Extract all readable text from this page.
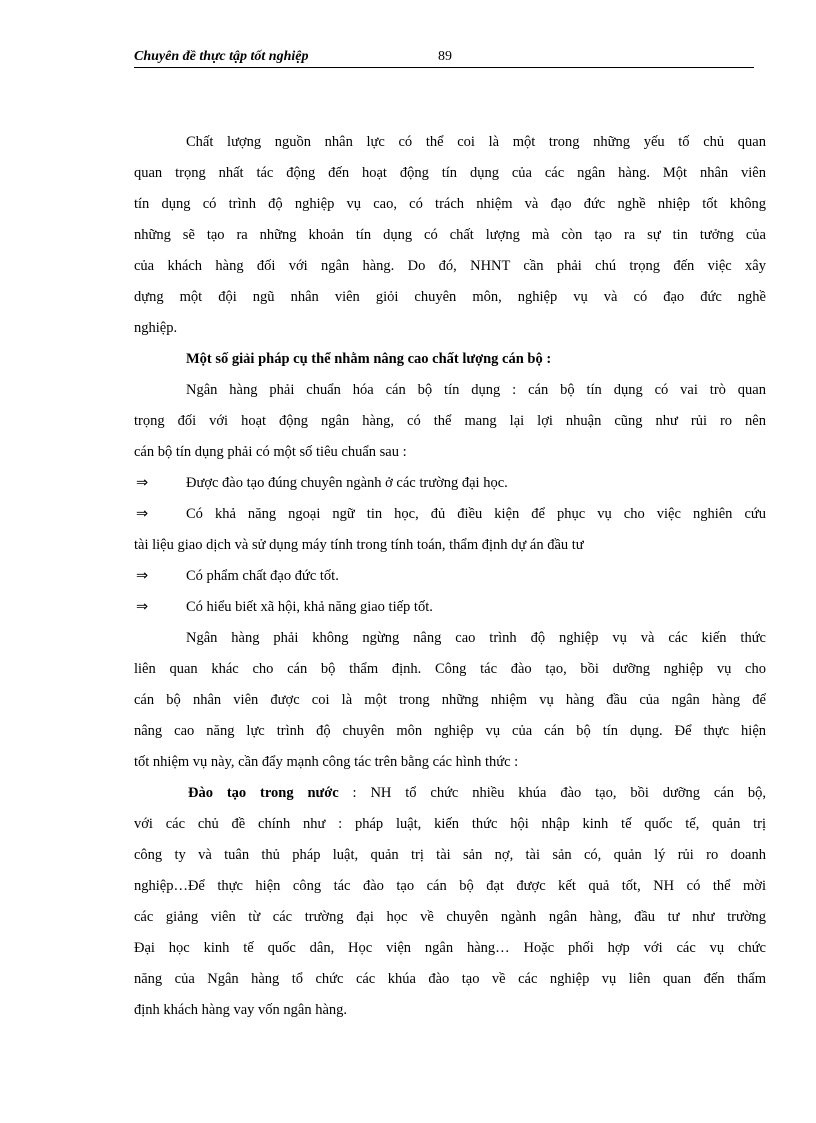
Chuyên đề thực tập tốt nghiệp	89
Chất lượng nguồn nhân lực có thể coi là một trong những yếu tố chủ quan
quan trọng nhất tác động đến hoạt động tín dụng của các ngân hàng. Một nhân viên
tín dụng có trình độ nghiệp vụ cao, có trách nhiệm và đạo đức nghề nhiệp tốt không
những sẽ tạo ra những khoản tín dụng có chất lượng mà còn tạo ra sự tin tưởng của
của khách hàng đối với ngân hàng. Do đó, NHNT cần phải chú trọng đến việc xây
dựng một đội ngũ nhân viên giỏi chuyên môn, nghiệp vụ và có đạo đức nghề
nghiệp.
Một số giải pháp cụ thể nhằm nâng cao chất lượng cán bộ :
Ngân hàng phải chuẩn hóa cán bộ tín dụng : cán bộ tín dụng có vai trò quan
trọng đối với hoạt động ngân hàng, có thể mang lại lợi nhuận cũng như rủi ro nên
cán bộ tín dụng phải có một số tiêu chuẩn sau :
⇒	Được đào tạo đúng chuyên ngành ở các trường đại học.
⇒	Có khả năng ngoại ngữ tin học, đủ điều kiện để phục vụ cho việc nghiên cứu
tài liệu giao dịch và sử dụng máy tính trong tính toán, thẩm định dự án đầu tư
⇒	Có phẩm chất đạo đức tốt.
⇒	Có hiểu biết xã hội, khả năng giao tiếp tốt.
Ngân hàng phải không ngừng nâng cao trình độ nghiệp vụ và các kiến thức
liên quan khác cho cán bộ thẩm định. Công tác đào tạo, bồi dưỡng nghiệp vụ cho
cán bộ nhân viên được coi là một trong những nhiệm vụ hàng đầu của ngân hàng để
nâng cao năng lực trình độ chuyên môn nghiệp vụ của cán bộ tín dụng. Để thực hiện
tốt nhiệm vụ này, cần đẩy mạnh công tác trên bằng các hình thức :
Đào tạo trong nước : NH tổ chức nhiều khúa đào tạo, bồi dưỡng cán bộ,
với các chủ đề chính như : pháp luật, kiến thức hội nhập kinh tế quốc tế, quản trị
công ty và tuân thủ pháp luật, quản trị tài sản nợ, tài sản có, quản lý rủi ro doanh
nghiệp…Để thực hiện công tác đào tạo cán bộ đạt được kết quả tốt, NH có thể mời
các giảng viên từ các trường đại học về chuyên ngành ngân hàng, đầu tư như trường
Đại học kinh tế quốc dân, Học viện ngân hàng… Hoặc phối hợp với các vụ chức
năng của Ngân hàng tổ chức các khúa đào tạo về các nghiệp vụ liên quan đến thẩm
định khách hàng vay vốn ngân hàng.
